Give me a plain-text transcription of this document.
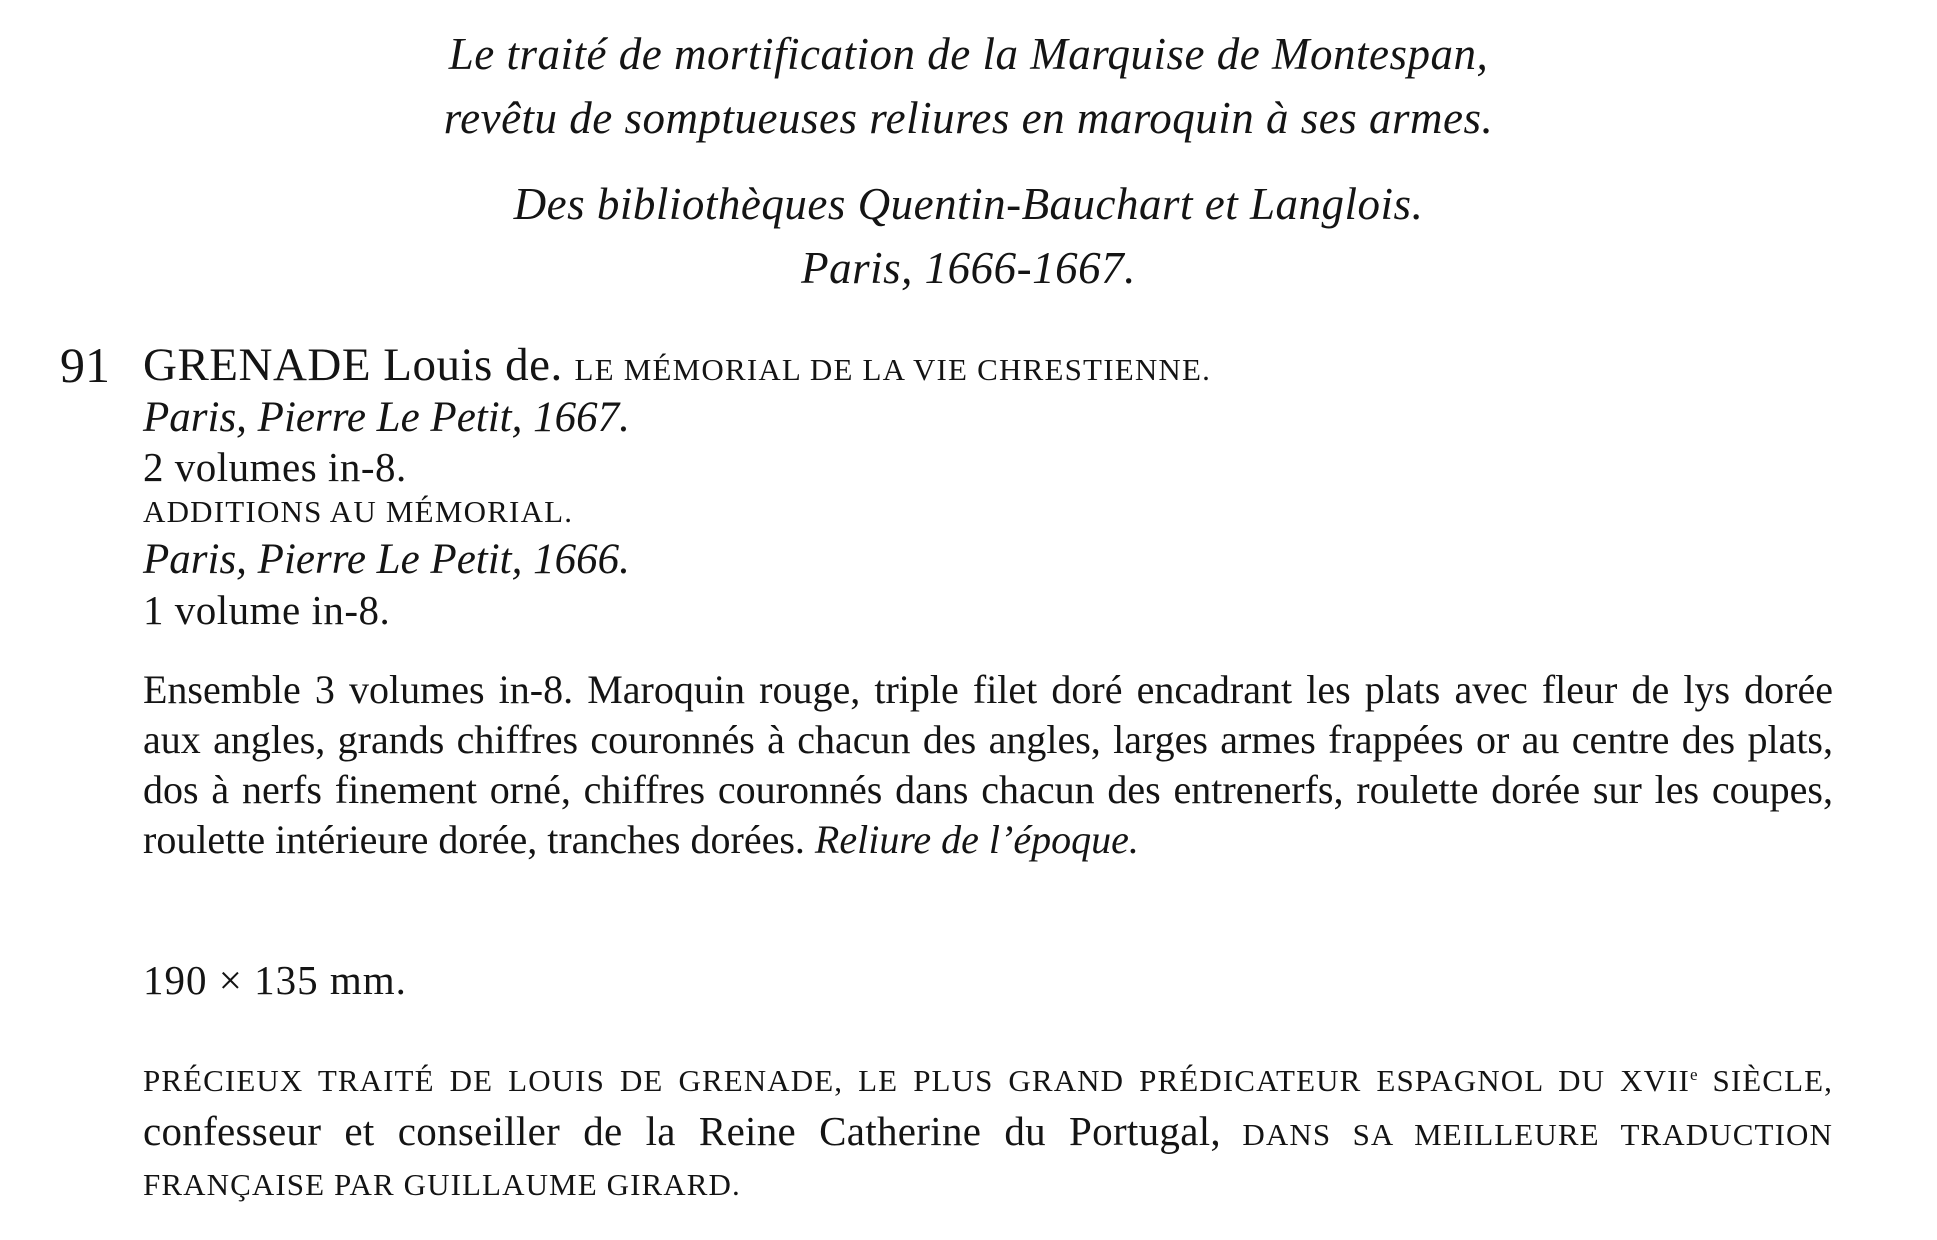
Le traité de mortification de la Marquise de Montespan,
revêtu de somptueuses reliures en maroquin à ses armes.
Des bibliothèques Quentin-Bauchart et Langlois.
Paris, 1666-1667.
91 GRENADE Louis de. LE MÉMORIAL DE LA VIE CHRESTIENNE.
Paris, Pierre Le Petit, 1667.
2 volumes in-8.
ADDITIONS AU MÉMORIAL.
Paris, Pierre Le Petit, 1666.
1 volume in-8.
Ensemble 3 volumes in-8. Maroquin rouge, triple filet doré encadrant les plats avec fleur de lys dorée aux angles, grands chiffres couronnés à chacun des angles, larges armes frappées or au centre des plats, dos à nerfs finement orné, chiffres couronnés dans chacun des entrenerfs, roulette dorée sur les coupes, roulette intérieure dorée, tranches dorées. Reliure de l’époque.
190 × 135 mm.
PRÉCIEUX TRAITÉ DE LOUIS DE GRENADE, LE PLUS GRAND PRÉDICATEUR ESPAGNOL DU XVIIe SIÈCLE, confesseur et conseiller de la Reine Catherine du Portugal, DANS SA MEILLEURE TRADUCTION FRANÇAISE PAR GUILLAUME GIRARD.
